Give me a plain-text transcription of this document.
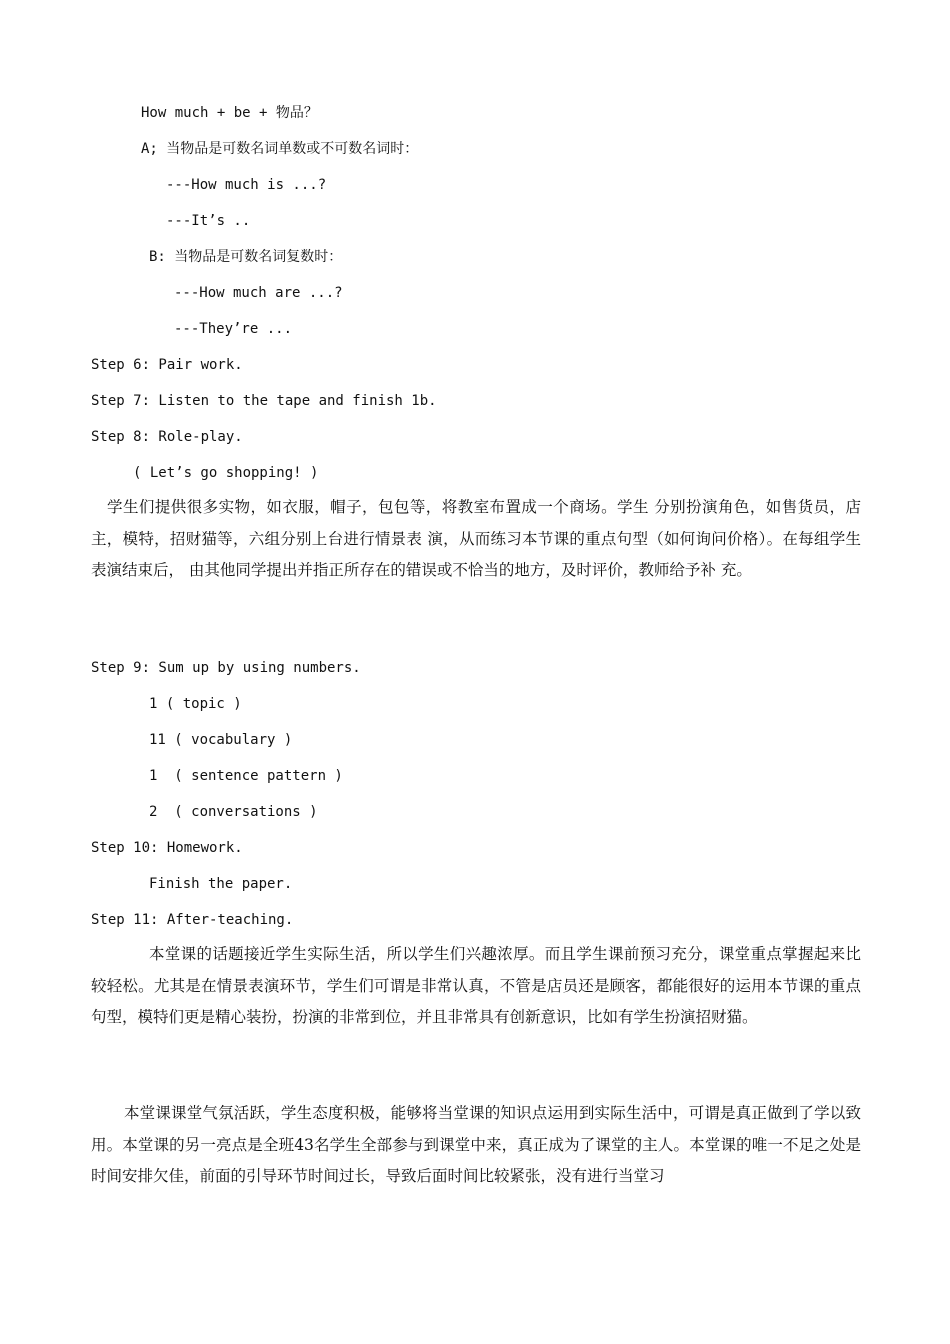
How much + be + 物品？
A; 当物品是可数名词单数或不可数名词时：
---How much is ...?
---It’s ..
B: 当物品是可数名词复数时：
---How much are ...?
---They’re ...
Step 6: Pair work.
Step 7: Listen to the tape and finish 1b.
Step 8: Role-play.
( Let’s go shopping! )
学生们提供很多实物，如衣服，帽子，包包等，将教室布置成一个商场。学生 分别扮演角色，如售货员，店主，模特，招财猫等，六组分别上台进行情景表 演，从而练习本节课的重点句型（如何询问价格）。在每组学生表演结束后， 由其他同学提出并指正所存在的错误或不恰当的地方，及时评价，教师给予补 充。
Step 9: Sum up by using numbers.
1 ( topic )
11 ( vocabulary )
1  ( sentence pattern )
2  ( conversations )
Step 10: Homework.
Finish the paper.
Step 11: After-teaching.
本堂课的话题接近学生实际生活，所以学生们兴趣浓厚。而且学生课前预习充分，课堂重点掌握起来比较轻松。尤其是在情景表演环节，学生们可谓是非常认真，不管是店员还是顾客，都能很好的运用本节课的重点句型，模特们更是精心装扮，扮演的非常到位，并且非常具有创新意识，比如有学生扮演招财猫。
本堂课课堂气氛活跃，学生态度积极，能够将当堂课的知识点运用到实际生活中，可谓是真正做到了学以致用。本堂课的另一亮点是全班43名学生全部参与到课堂中来，真正成为了课堂的主人。本堂课的唯一不足之处是时间安排欠佳，前面的引导环节时间过长，导致后面时间比较紧张，没有进行当堂习
